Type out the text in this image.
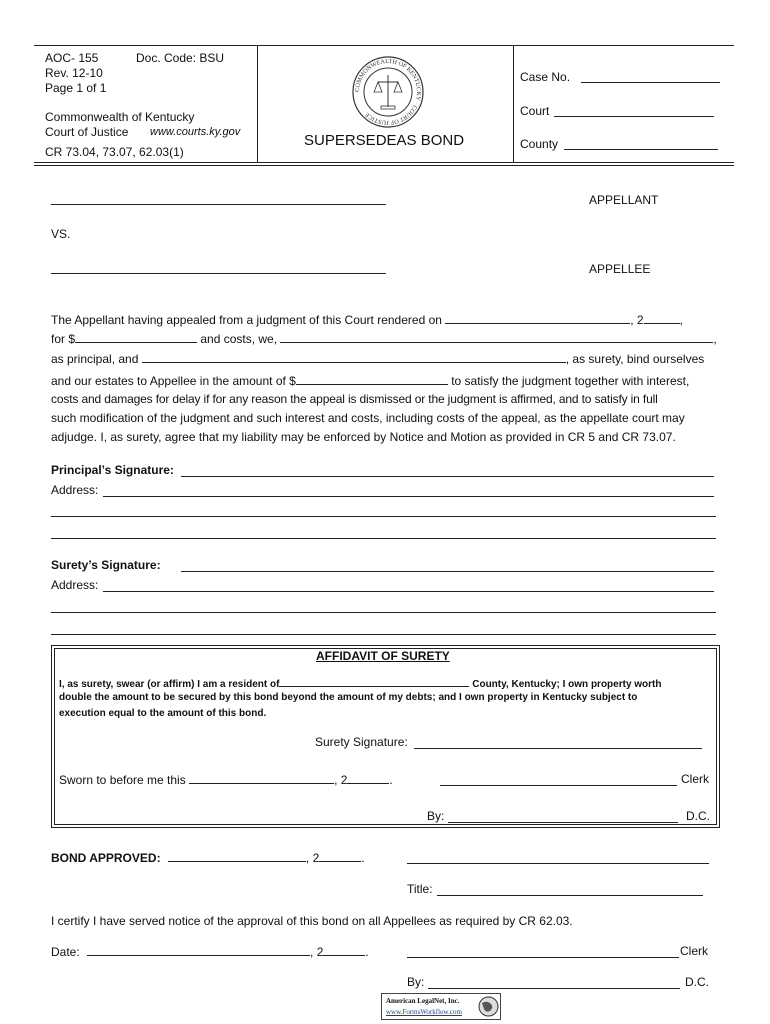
AOC- 155	Doc. Code: BSU
Rev. 12-10
Page 1 of 1
Commonwealth of Kentucky
Court of Justice www.courts.ky.gov
CR 73.04, 73.07, 62.03(1)
COMMONWEALTH OF KENTUCKY · COURT OF JUSTICE
SUPERSEDEAS BOND
Case No.
Court
County
APPELLANT
VS.
APPELLEE
The Appellant having appealed from a judgment of this Court rendered on	, 2	,
for $	and costs, we,	,
as principal, and	, as surety, bind ourselves
and our estates to Appellee in the amount of $	to satisfy the judgment together with interest,
costs and damages for delay if for any reason the appeal is dismissed or the judgment is affirmed, and to satisfy in full
such modification of the judgment and such interest and costs, including costs of the appeal, as the appellate court may
adjudge. I, as surety, agree that my liability may be enforced by Notice and Motion as provided in CR 5 and CR 73.07.
Principal’s Signature:
Address:
Surety’s Signature:
Address:
AFFIDAVIT OF SURETY
I, as surety, swear (or affirm) I am a resident of	County, Kentucky; I own property worth
double the amount to be secured by this bond beyond the amount of my debts; and I own property in Kentucky subject to
execution equal to the amount of this bond.
Surety Signature:
Sworn to before me this	, 2	.	Clerk
By:	D.C.
BOND APPROVED:	, 2	.
Title:
I certify I have served notice of the approval of this bond on all Appellees as required by CR 62.03.
Date:	, 2	.	Clerk
By:	D.C.
American LegalNet, Inc.
www.FormsWorkflow.com
